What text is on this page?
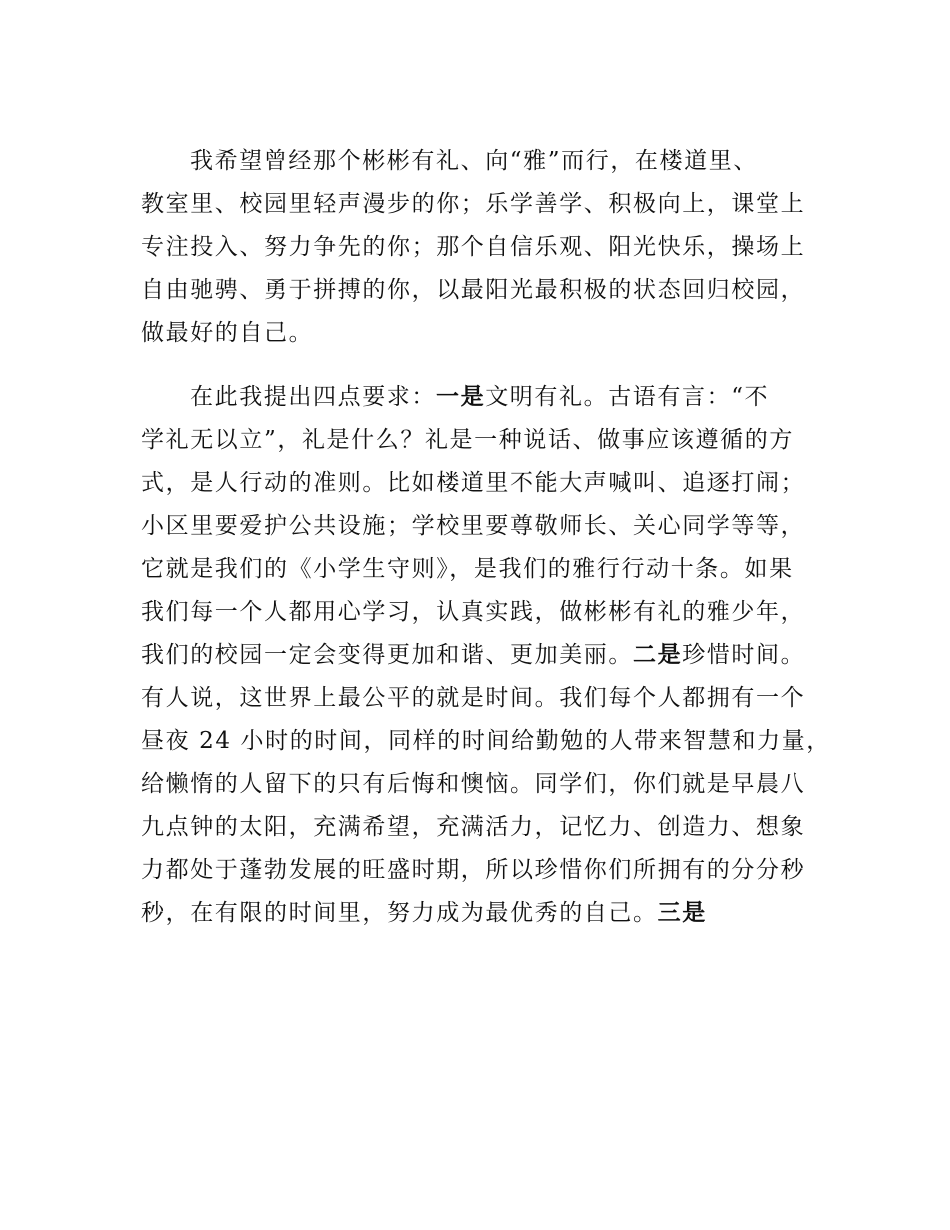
我希望曾经那个彬彬有礼、向“雅”而行，在楼道里、
教室里、校园里轻声漫步的你；乐学善学、积极向上，课堂上
专注投入、努力争先的你；那个自信乐观、阳光快乐，操场上
自由驰骋、勇于拼搏的你，以最阳光最积极的状态回归校园，
做最好的自己。
在此我提出四点要求：一是文明有礼。古语有言：“不
学礼无以立”，礼是什么？礼是一种说话、做事应该遵循的方
式，是人行动的准则。比如楼道里不能大声喊叫、追逐打闹；
小区里要爱护公共设施；学校里要尊敬师长、关心同学等等，
它就是我们的《小学生守则》，是我们的雅行行动十条。如果
我们每一个人都用心学习，认真实践，做彬彬有礼的雅少年，
我们的校园一定会变得更加和谐、更加美丽。二是珍惜时间。
有人说，这世界上最公平的就是时间。我们每个人都拥有一个
昼夜 24 小时的时间，同样的时间给勤勉的人带来智慧和力量，
给懒惰的人留下的只有后悔和懊恼。同学们，你们就是早晨八
九点钟的太阳，充满希望，充满活力，记忆力、创造力、想象
力都处于蓬勃发展的旺盛时期，所以珍惜你们所拥有的分分秒
秒，在有限的时间里，努力成为最优秀的自己。三是
